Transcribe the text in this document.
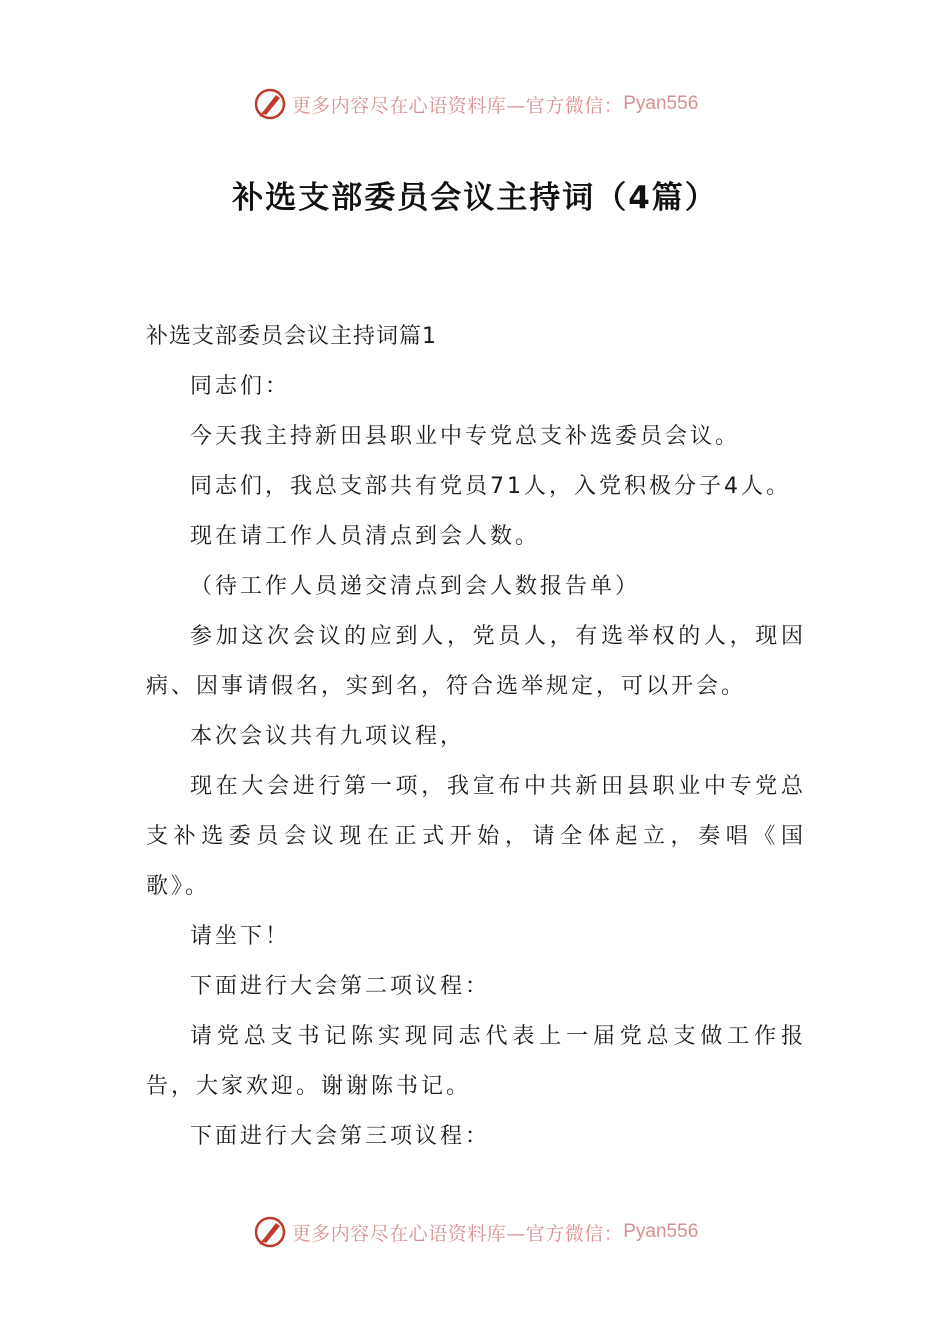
更多内容尽在心语资料库—官方微信： Pyan556
补选支部委员会议主持词（4篇）

补选支部委员会议主持词篇1

同志们：

今天我主持新田县职业中专党总支补选委员会议。

同志们，我总支部共有党员71人，入党积极分子4人。

现在请工作人员清点到会人数。

（待工作人员递交清点到会人数报告单）

参加这次会议的应到人，党员人，有选举权的人，现因病、因事请假名，实到名，符合选举规定，可以开会。

本次会议共有九项议程，

现在大会进行第一项，我宣布中共新田县职业中专党总支补选委员会议现在正式开始，请全体起立，奏唱《国歌》。

请坐下！

下面进行大会第二项议程：

请党总支书记陈实现同志代表上一届党总支做工作报告，大家欢迎。谢谢陈书记。

下面进行大会第三项议程：

更多内容尽在心语资料库—官方微信： Pyan556
